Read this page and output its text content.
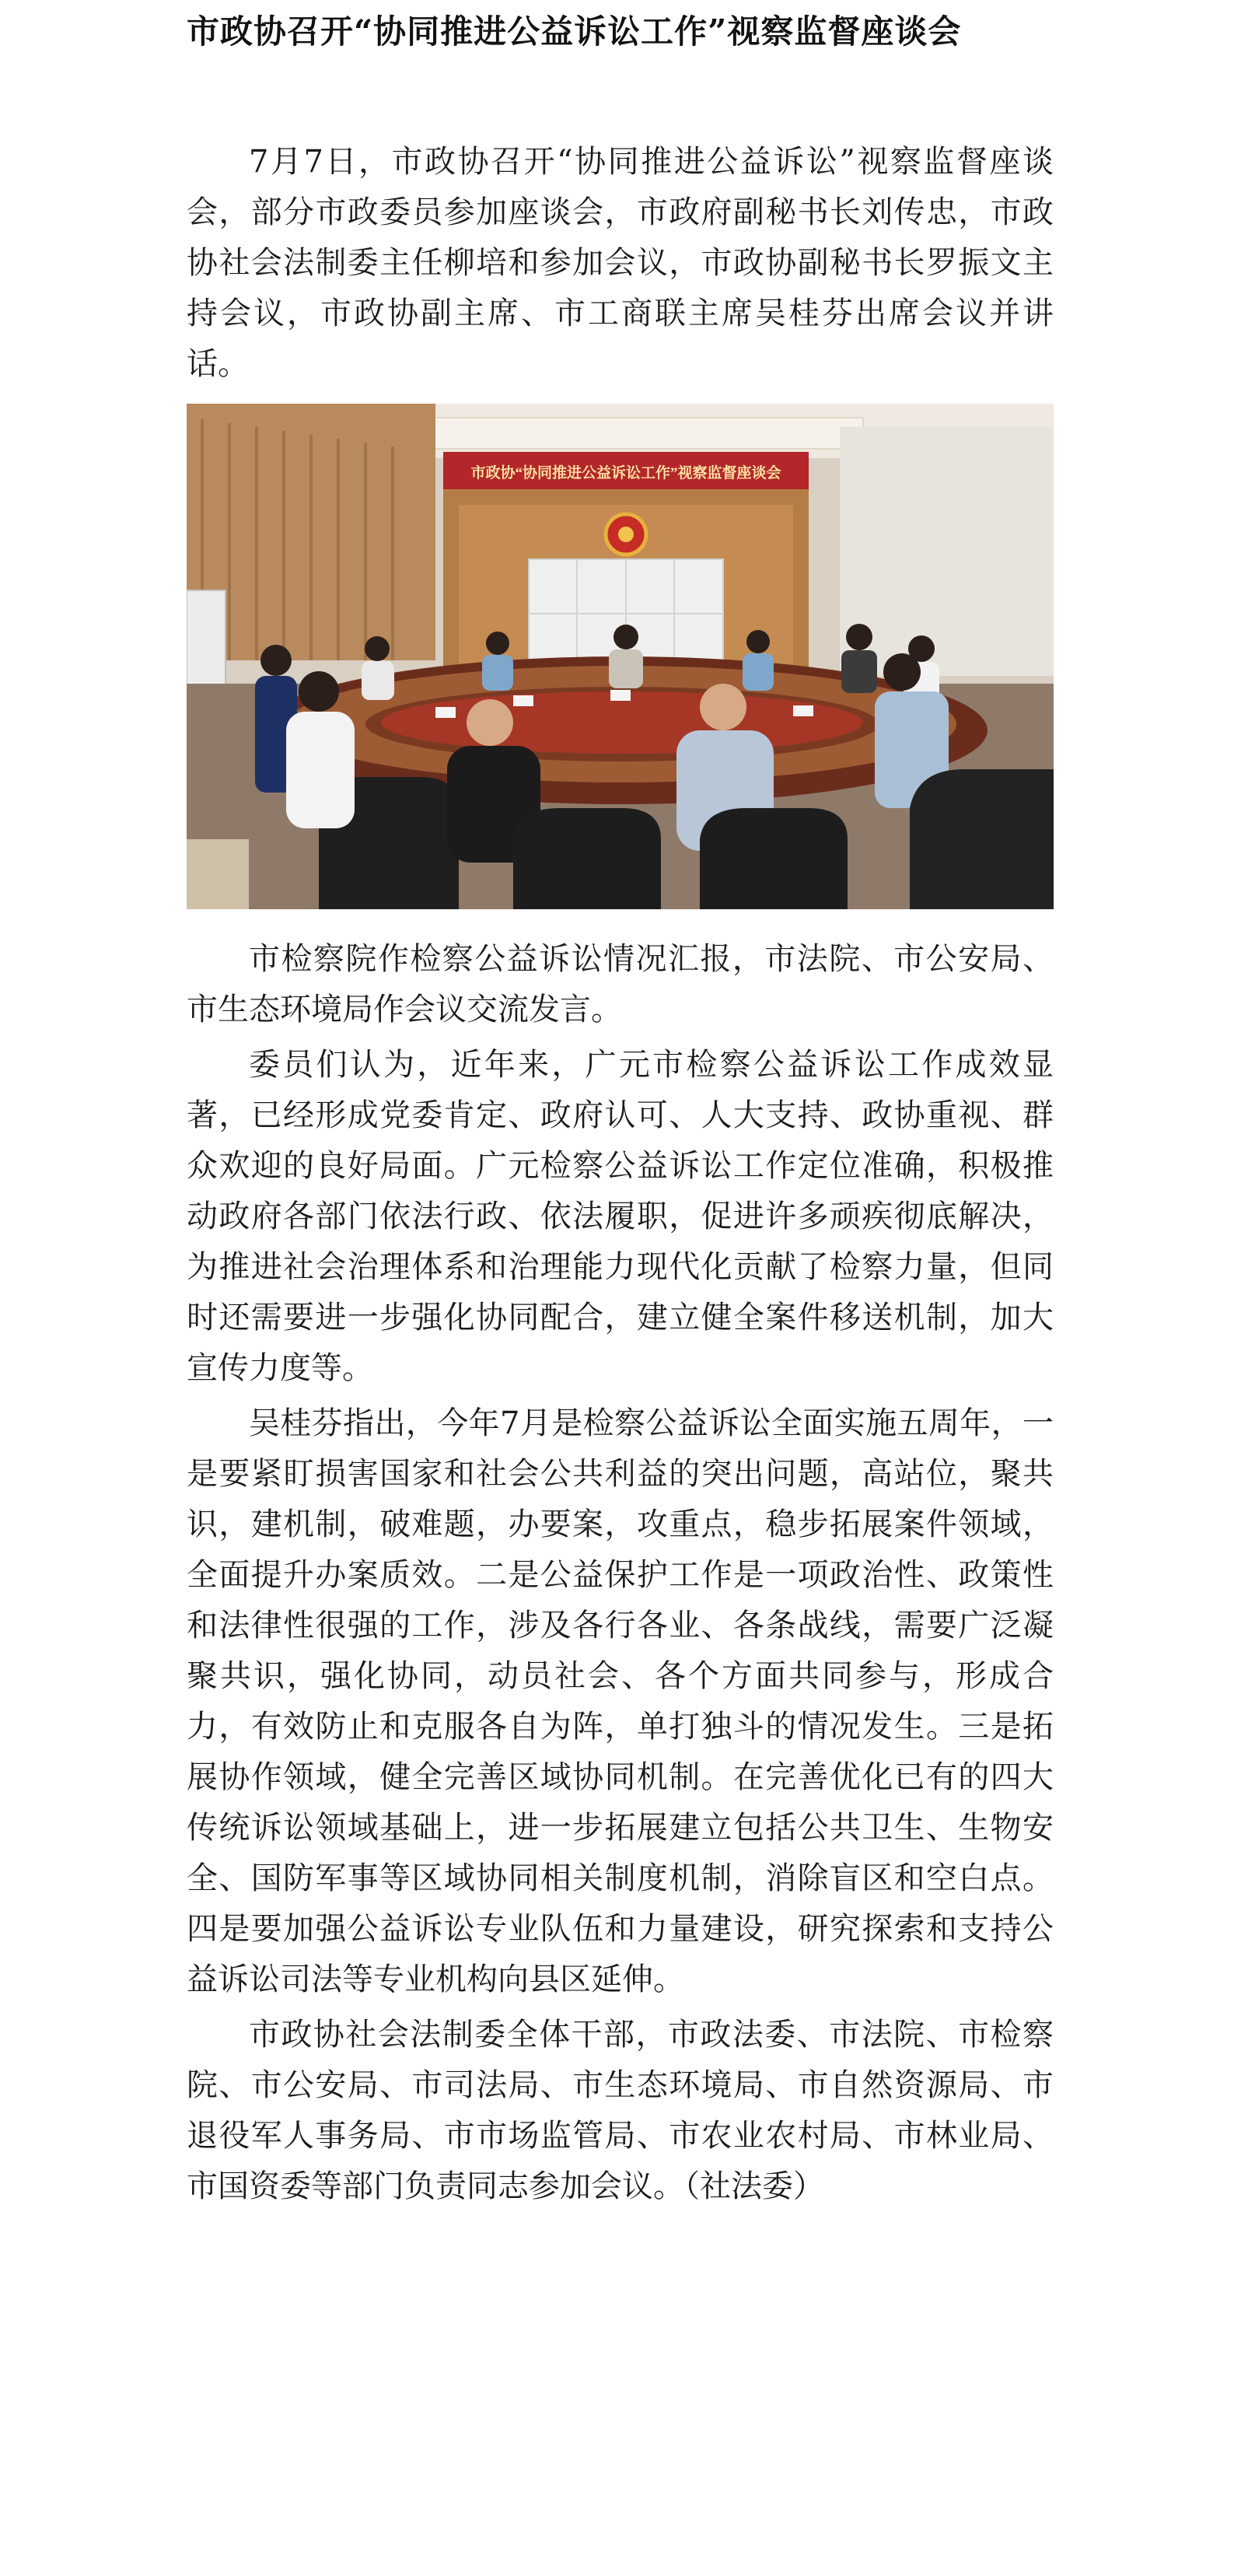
市政协召开“协同推进公益诉讼工作”视察监督座谈会

7月7日，市政协召开“协同推进公益诉讼”视察监督座谈会，部分市政委员参加座谈会，市政府副秘书长刘传忠，市政协社会法制委主任柳培和参加会议，市政协副秘书长罗振文主持会议，市政协副主席、市工商联主席吴桂芬出席会议并讲话。

市政协“协同推进公益诉讼工作”视察监督座谈会

市检察院作检察公益诉讼情况汇报，市法院、市公安局、市生态环境局作会议交流发言。

委员们认为，近年来，广元市检察公益诉讼工作成效显著，已经形成党委肯定、政府认可、人大支持、政协重视、群众欢迎的良好局面。广元检察公益诉讼工作定位准确，积极推动政府各部门依法行政、依法履职，促进许多顽疾彻底解决，为推进社会治理体系和治理能力现代化贡献了检察力量，但同时还需要进一步强化协同配合，建立健全案件移送机制，加大宣传力度等。

吴桂芬指出，今年7月是检察公益诉讼全面实施五周年，一是要紧盯损害国家和社会公共利益的突出问题，高站位，聚共识，建机制，破难题，办要案，攻重点，稳步拓展案件领域，全面提升办案质效。二是公益保护工作是一项政治性、政策性和法律性很强的工作，涉及各行各业、各条战线，需要广泛凝聚共识，强化协同，动员社会、各个方面共同参与，形成合力，有效防止和克服各自为阵，单打独斗的情况发生。三是拓展协作领域，健全完善区域协同机制。在完善优化已有的四大传统诉讼领域基础上，进一步拓展建立包括公共卫生、生物安全、国防军事等区域协同相关制度机制，消除盲区和空白点。四是要加强公益诉讼专业队伍和力量建设，研究探索和支持公益诉讼司法等专业机构向县区延伸。

市政协社会法制委全体干部，市政法委、市法院、市检察院、市公安局、市司法局、市生态环境局、市自然资源局、市退役军人事务局、市市场监管局、市农业农村局、市林业局、市国资委等部门负责同志参加会议。（社法委）
